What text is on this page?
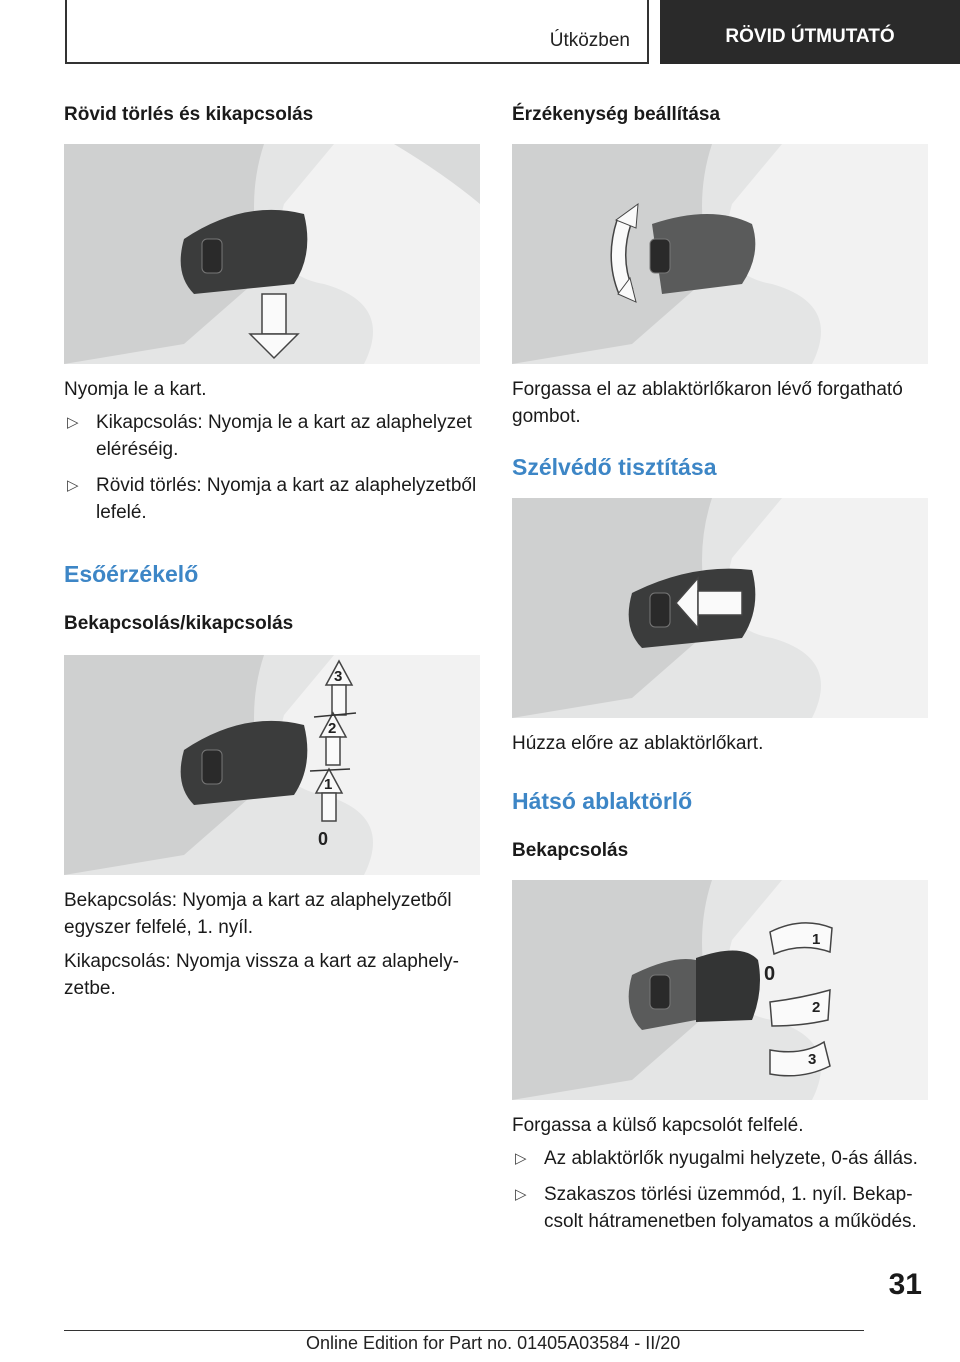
Útközben	RÖVID ÚTMUTATÓ
Rövid törlés és kikapcsolás

Nyomja le a kart.

▷ Kikapcsolás: Nyomja le a kart az alaphelyzet eléréséig.
▷ Rövid törlés: Nyomja a kart az alaphelyzetből lefelé.
Esőérzékelő
Bekapcsolás/kikapcsolás
3
2
1
0

Bekapcsolás: Nyomja a kart az alaphelyzetből egyszer felfelé, 1. nyíl.

Kikapcsolás: Nyomja vissza a kart az alaphelyzetbe.

Érzékenység beállítása

Forgassa el az ablaktörlőkaron lévő forgatható gombot.

Szélvédő tisztítása

Húzza előre az ablaktörlőkart.

Hátsó ablaktörlő
Bekapcsolás
1
0
2
3

Forgassa a külső kapcsolót felfelé.

▷ Az ablaktörlők nyugalmi helyzete, 0-ás állás.
▷ Szakaszos törlési üzemmód, 1. nyíl. Bekapcsolt hátramenetben folyamatos a működés.
31
Online Edition for Part no. 01405A03584 - II/20
